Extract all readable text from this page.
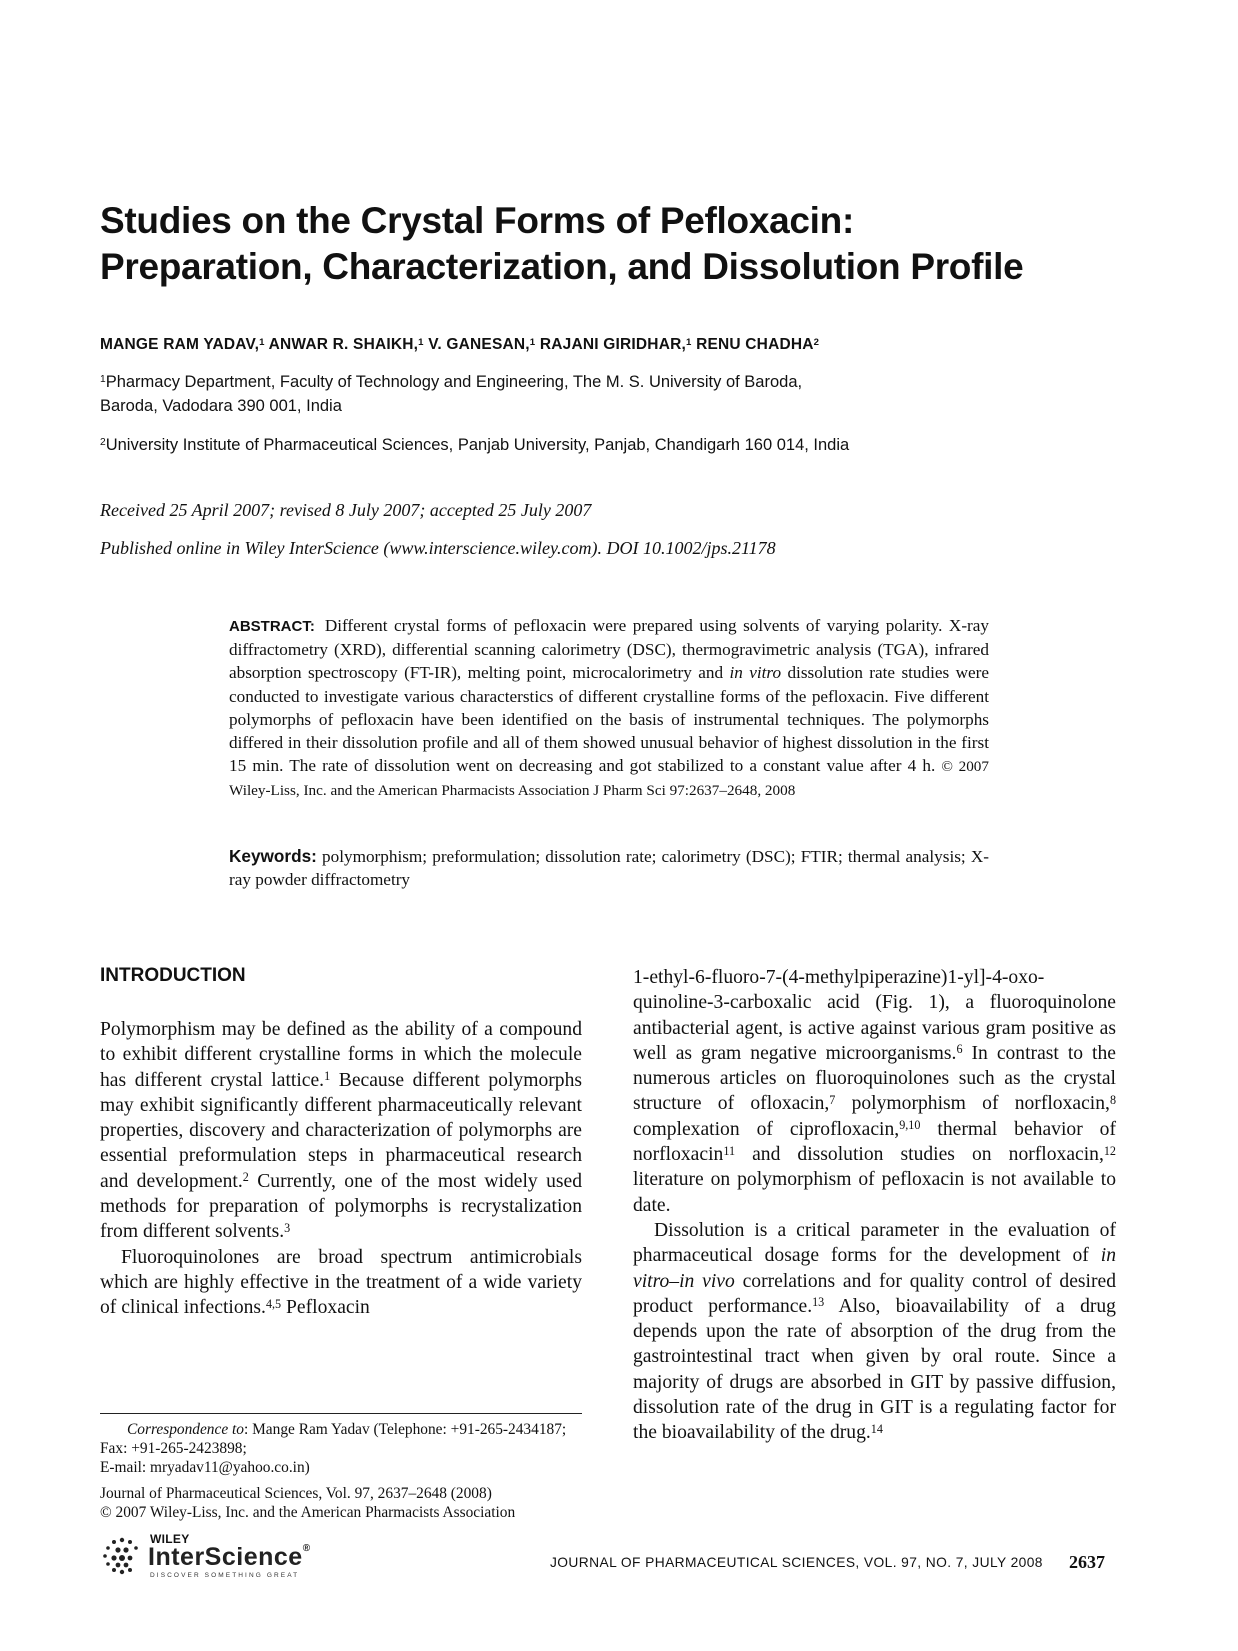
Studies on the Crystal Forms of Pefloxacin:
Preparation, Characterization, and Dissolution Profile
MANGE RAM YADAV,$^1$ ANWAR R. SHAIKH,$^1$ V. GANESAN,$^1$ RAJANI GIRIDHAR,$^1$ RENU CHADHA$^2$
$^1$Pharmacy Department, Faculty of Technology and Engineering, The M. S. University of Baroda,
Baroda, Vadodara 390 001, India
$^2$University Institute of Pharmaceutical Sciences, Panjab University, Panjab, Chandigarh 160 014, India
Received 25 April 2007; revised 8 July 2007; accepted 25 July 2007
Published online in Wiley InterScience (www.interscience.wiley.com). DOI 10.1002/jps.21178
ABSTRACT: Different crystal forms of pefloxacin were prepared using solvents of varying polarity. X-ray diffractometry (XRD), differential scanning calorimetry (DSC), thermogravimetric analysis (TGA), infrared absorption spectroscopy (FT-IR), melting point, microcalorimetry and in vitro dissolution rate studies were conducted to investigate various characterstics of different crystalline forms of the pefloxacin. Five different polymorphs of pefloxacin have been identified on the basis of instrumental techniques. The polymorphs differed in their dissolution profile and all of them showed unusual behavior of highest dissolution in the first 15 min. The rate of dissolution went on decreasing and got stabilized to a constant value after 4 h. © 2007 Wiley-Liss, Inc. and the American Pharmacists Association J Pharm Sci 97:2637–2648, 2008
Keywords: polymorphism; preformulation; dissolution rate; calorimetry (DSC); FTIR; thermal analysis; X-ray powder diffractometry
INTRODUCTION

Polymorphism may be defined as the ability of a compound to exhibit different crystalline forms in which the molecule has different crystal lattice.$^1$ Because different polymorphs may exhibit significantly different pharmaceutically relevant properties, discovery and characterization of polymorphs are essential preformulation steps in pharmaceutical research and development.$^2$ Currently, one of the most widely used methods for preparation of polymorphs is recrystalization from different solvents.$^3$

Fluoroquinolones are broad spectrum antimicrobials which are highly effective in the treatment of a wide variety of clinical infections.$^{4,5}$ Pefloxacin

1-ethyl-6-fluoro-7-(4-methylpiperazine)1-yl]-4-oxo-quinoline-3-carboxalic acid (Fig. 1), a fluoroquinolone antibacterial agent, is active against various gram positive as well as gram negative microorganisms.$^6$ In contrast to the numerous articles on fluoroquinolones such as the crystal structure of ofloxacin,$^7$ polymorphism of norfloxacin,$^8$ complexation of ciprofloxacin,$^{9,10}$ thermal behavior of norfloxacin$^{11}$ and dissolution studies on norfloxacin,$^{12}$ literature on polymorphism of pefloxacin is not available to date.

Dissolution is a critical parameter in the evaluation of pharmaceutical dosage forms for the development of in vitro–in vivo correlations and for quality control of desired product performance.$^{13}$ Also, bioavailability of a drug depends upon the rate of absorption of the drug from the gastrointestinal tract when given by oral route. Since a majority of drugs are absorbed in GIT by passive diffusion, dissolution rate of the drug in GIT is a regulating factor for the bioavailability of the drug.$^{14}$

Correspondence to: Mange Ram Yadav (Telephone: +91-265-2434187; Fax: +91-265-2423898;

E-mail: mryadav11@yahoo.co.in)

Journal of Pharmaceutical Sciences, Vol. 97, 2637–2648 (2008)

© 2007 Wiley-Liss, Inc. and the American Pharmacists Association

WILEY
InterScience®
DISCOVER SOMETHING GREAT
JOURNAL OF PHARMACEUTICAL SCIENCES, VOL. 97, NO. 7, JULY 2008 2637
